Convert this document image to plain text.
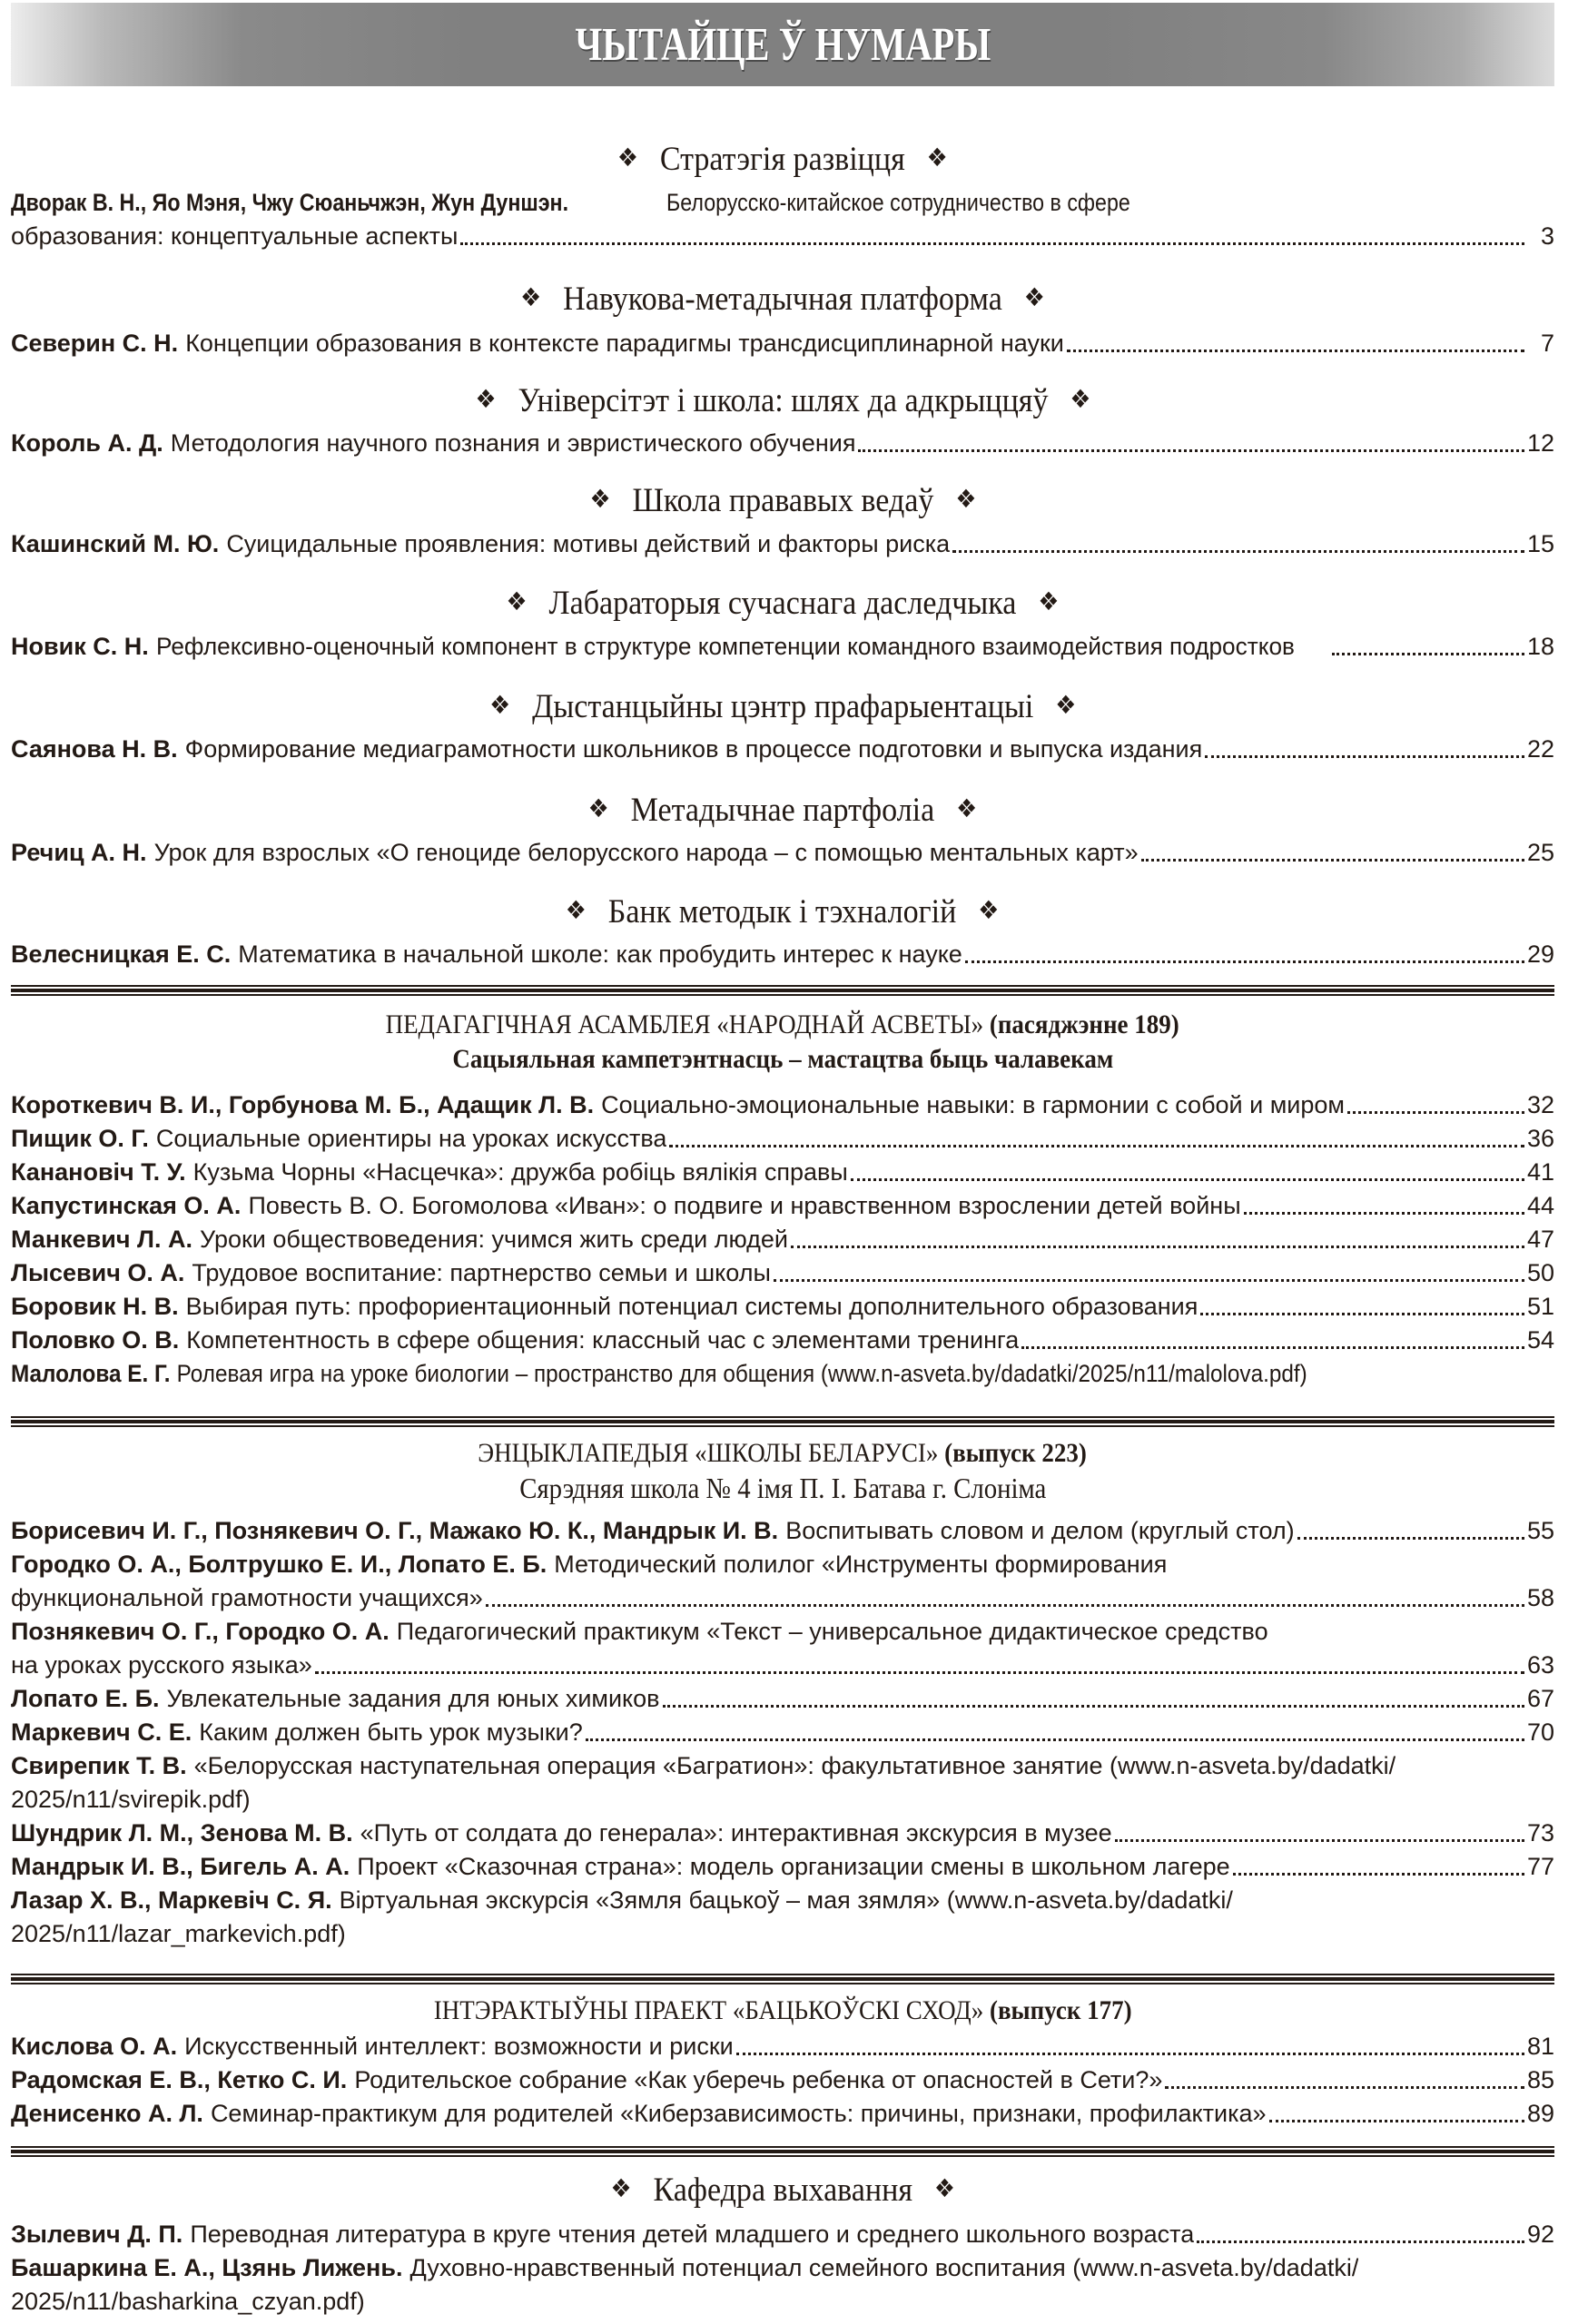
ЧЫТАЙЦЕ Ў НУМАРЫ
❖ Стратэгія развіцця ❖
Дворак В. Н., Яо Мэня, Чжу Сюаньчжэн, Жун Дуншэн.	Белорусско-китайское сотрудничество в сфере
образования: концептуальные аспекты	3
❖ Навукова-метадычная платформа ❖
Северин С. Н. Концепции образования в контексте парадигмы трансдисциплинарной науки	7
❖ Універсітэт і школа: шлях да адкрыццяў ❖
Король А. Д. Методология научного познания и эвристического обучения	12
❖ Школа прававых ведаў ❖
Кашинский М. Ю. Суицидальные проявления: мотивы действий и факторы риска	15
❖ Лабараторыя сучаснага даследчыка ❖
Новик С. Н. Рефлексивно-оценочный компонент в структуре компетенции командного взаимодействия подростков	18
❖ Дыстанцыйны цэнтр прафарыентацыі ❖
Саянова Н. В. Формирование медиаграмотности школьников в процессе подготовки и выпуска издания	22
❖ Метадычнае партфоліа ❖
Речиц А. Н. Урок для взрослых «О геноциде белорусского народа – с помощью ментальных карт»	25
❖ Банк методык і тэхналогій ❖
Велесницкая Е. С. Математика в начальной школе: как пробудить интерес к науке	29
ПЕДАГАГІЧНАЯ АСАМБЛЕЯ «НАРОДНАЙ АСВЕТЫ» (пасяджэнне 189)
Сацыяльная кампетэнтнасць – мастацтва быць чалавекам
Короткевич В. И., Горбунова М. Б., Адащик Л. В. Социально-эмоциональные навыки: в гармонии с собой и миром	32
Пищик О. Г. Социальные ориентиры на уроках искусства	36
Кананoвіч Т. У. Кузьма Чорны «Насцечка»: дружба робіць вялікія справы	41
Капустинская О. А. Повесть В. О. Богомолова «Иван»: о подвиге и нравственном взрослении детей войны	44
Манкевич Л. А. Уроки обществоведения: учимся жить среди людей	47
Лысевич О. А. Трудовое воспитание: партнерство семьи и школы	50
Боровик Н. В. Выбирая путь: профориентационный потенциал системы дополнительного образования	51
Половко О. В. Компетентность в сфере общения: классный час с элементами тренинга	54
Малолова Е. Г. Ролевая игра на уроке биологии – пространство для общения (www.n-asveta.by/dadatki/2025/n11/malolova.pdf)
ЭНЦЫКЛАПЕДЫЯ «ШКОЛЫ БЕЛАРУСІ» (выпуск 223)
Сярэдняя школа № 4 імя П. І. Батава г. Слоніма
Борисевич И. Г., Познякевич О. Г., Мажако Ю. К., Мандрык И. В. Воспитывать словом и делом (круглый стол)	55
Городко О. А., Болтрушко Е. И., Лопато Е. Б. Методический полилог «Инструменты формирования
функциональной грамотности учащихся»	58
Познякевич О. Г., Городко О. А. Педагогический практикум «Текст – универсальное дидактическое средство
на уроках русского языка»	63
Лопато Е. Б. Увлекательные задания для юных химиков	67
Маркевич С. Е. Каким должен быть урок музыки?	70
Свирепик Т. В. «Белорусская наступательная операция «Багратион»: факультативное занятие (www.n-asveta.by/dadatki/
2025/n11/svirepik.pdf)
Шундрик Л. М., Зенова М. В. «Путь от солдата до генерала»: интерактивная экскурсия в музее	73
Мандрык И. В., Бигель А. А. Проект «Сказочная страна»: модель организации смены в школьном лагере	77
Лазар Х. В., Маркевіч С. Я. Віртуальная экскурсія «Зямля бацькоў – мая зямля» (www.n-asveta.by/dadatki/
2025/n11/lazar_markevich.pdf)
ІНТЭРАКТЫЎНЫ ПРАЕКТ «БАЦЬКОЎСКІ СХОД» (выпуск 177)
Кислова О. А. Искусственный интеллект: возможности и риски	81
Радомская Е. В., Кетко С. И. Родительское собрание «Как уберечь ребенка от опасностей в Сети?»	85
Денисенко А. Л. Семинар-практикум для родителей «Киберзависимость: причины, признаки, профилактика»	89
❖ Кафедра выхавання ❖
Зылевич Д. П. Переводная литература в круге чтения детей младшего и среднего школьного возраста	92
Башаркина Е. А., Цзянь Лижень. Духовно-нравственный потенциал семейного воспитания (www.n-asveta.by/dadatki/
2025/n11/basharkina_czyan.pdf)
